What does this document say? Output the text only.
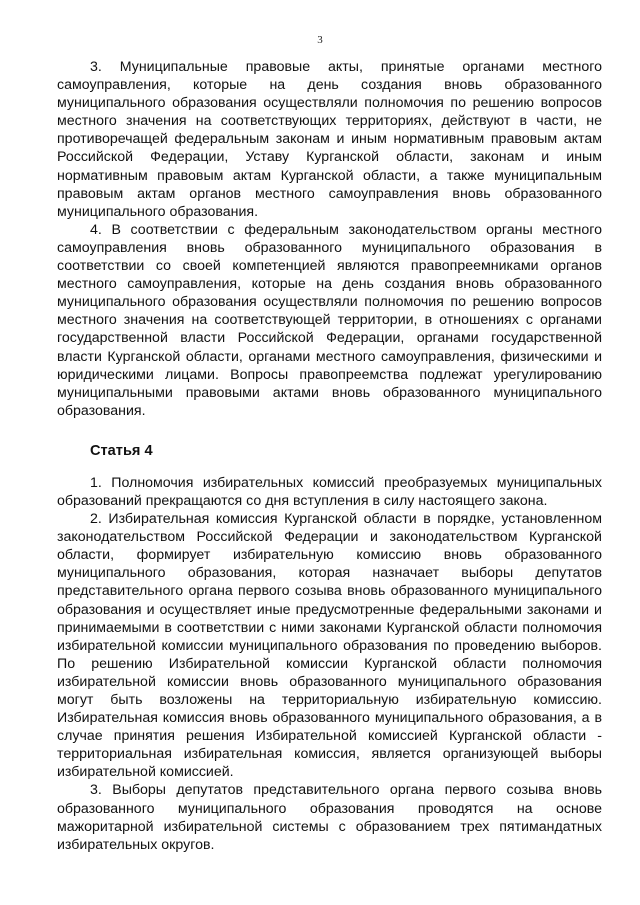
3

3. Муниципальные правовые акты, принятые органами местного самоуправления, которые на день создания вновь образованного муниципального образования осуществляли полномочия по решению вопросов местного значения на соответствующих территориях, действуют в части, не противоречащей федеральным законам и иным нормативным правовым актам Российской Федерации, Уставу Курганской области, законам и иным нормативным правовым актам Курганской области, а также муниципальным правовым актам органов местного самоуправления вновь образованного муниципального образования.

4. В соответствии с федеральным законодательством органы местного самоуправления вновь образованного муниципального образования в соответствии со своей компетенцией являются правопреемниками органов местного самоуправления, которые на день создания вновь образованного муниципального образования осуществляли полномочия по решению вопросов местного значения на соответствующей территории, в отношениях с органами государственной власти Российской Федерации, органами государственной власти Курганской области, органами местного самоуправления, физическими и юридическими лицами. Вопросы правопреемства подлежат урегулированию муниципальными правовыми актами вновь образованного муниципального образования.

Статья 4

1. Полномочия избирательных комиссий преобразуемых муниципальных образований прекращаются со дня вступления в силу настоящего закона.

2. Избирательная комиссия Курганской области в порядке, установленном законодательством Российской Федерации и законодательством Курганской области, формирует избирательную комиссию вновь образованного муниципального образования, которая назначает выборы депутатов представительного органа первого созыва вновь образованного муниципального образования и осуществляет иные предусмотренные федеральными законами и принимаемыми в соответствии с ними законами Курганской области полномочия избирательной комиссии муниципального образования по проведению выборов. По решению Избирательной комиссии Курганской области полномочия избирательной комиссии вновь образованного муниципального образования могут быть возложены на территориальную избирательную комиссию. Избирательная комиссия вновь образованного муниципального образования, а в случае принятия решения Избирательной комиссией Курганской области - территориальная избирательная комиссия, является организующей выборы избирательной комиссией.

3. Выборы депутатов представительного органа первого созыва вновь образованного муниципального образования проводятся на основе мажоритарной избирательной системы с образованием трех пятимандатных избирательных округов.
